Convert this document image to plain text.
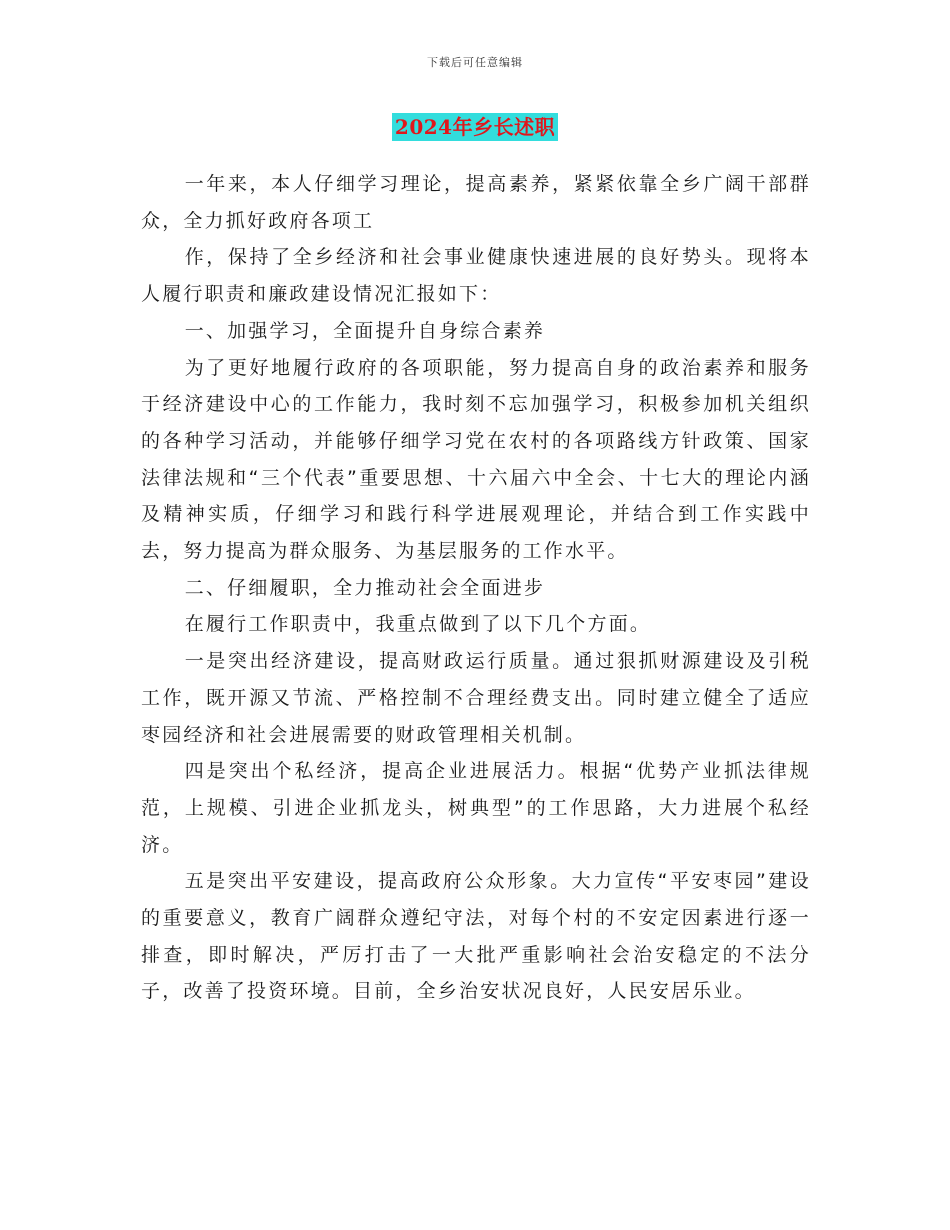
下载后可任意编辑
2024年乡长述职

一年来，本人仔细学习理论，提高素养，紧紧依靠全乡广阔干部群众，全力抓好政府各项工

作，保持了全乡经济和社会事业健康快速进展的良好势头。现将本人履行职责和廉政建设情况汇报如下：

一、加强学习，全面提升自身综合素养

为了更好地履行政府的各项职能，努力提高自身的政治素养和服务于经济建设中心的工作能力，我时刻不忘加强学习，积极参加机关组织的各种学习活动，并能够仔细学习党在农村的各项路线方针政策、国家法律法规和“三个代表”重要思想、十六届六中全会、十七大的理论内涵及精神实质，仔细学习和践行科学进展观理论，并结合到工作实践中去，努力提高为群众服务、为基层服务的工作水平。

二、仔细履职，全力推动社会全面进步

在履行工作职责中，我重点做到了以下几个方面。

一是突出经济建设，提高财政运行质量。通过狠抓财源建设及引税工作，既开源又节流、严格控制不合理经费支出。同时建立健全了适应枣园经济和社会进展需要的财政管理相关机制。

四是突出个私经济，提高企业进展活力。根据“优势产业抓法律规范，上规模、引进企业抓龙头，树典型”的工作思路，大力进展个私经济。

五是突出平安建设，提高政府公众形象。大力宣传“平安枣园”建设的重要意义，教育广阔群众遵纪守法，对每个村的不安定因素进行逐一排查，即时解决，严厉打击了一大批严重影响社会治安稳定的不法分子，改善了投资环境。目前，全乡治安状况良好，人民安居乐业。
